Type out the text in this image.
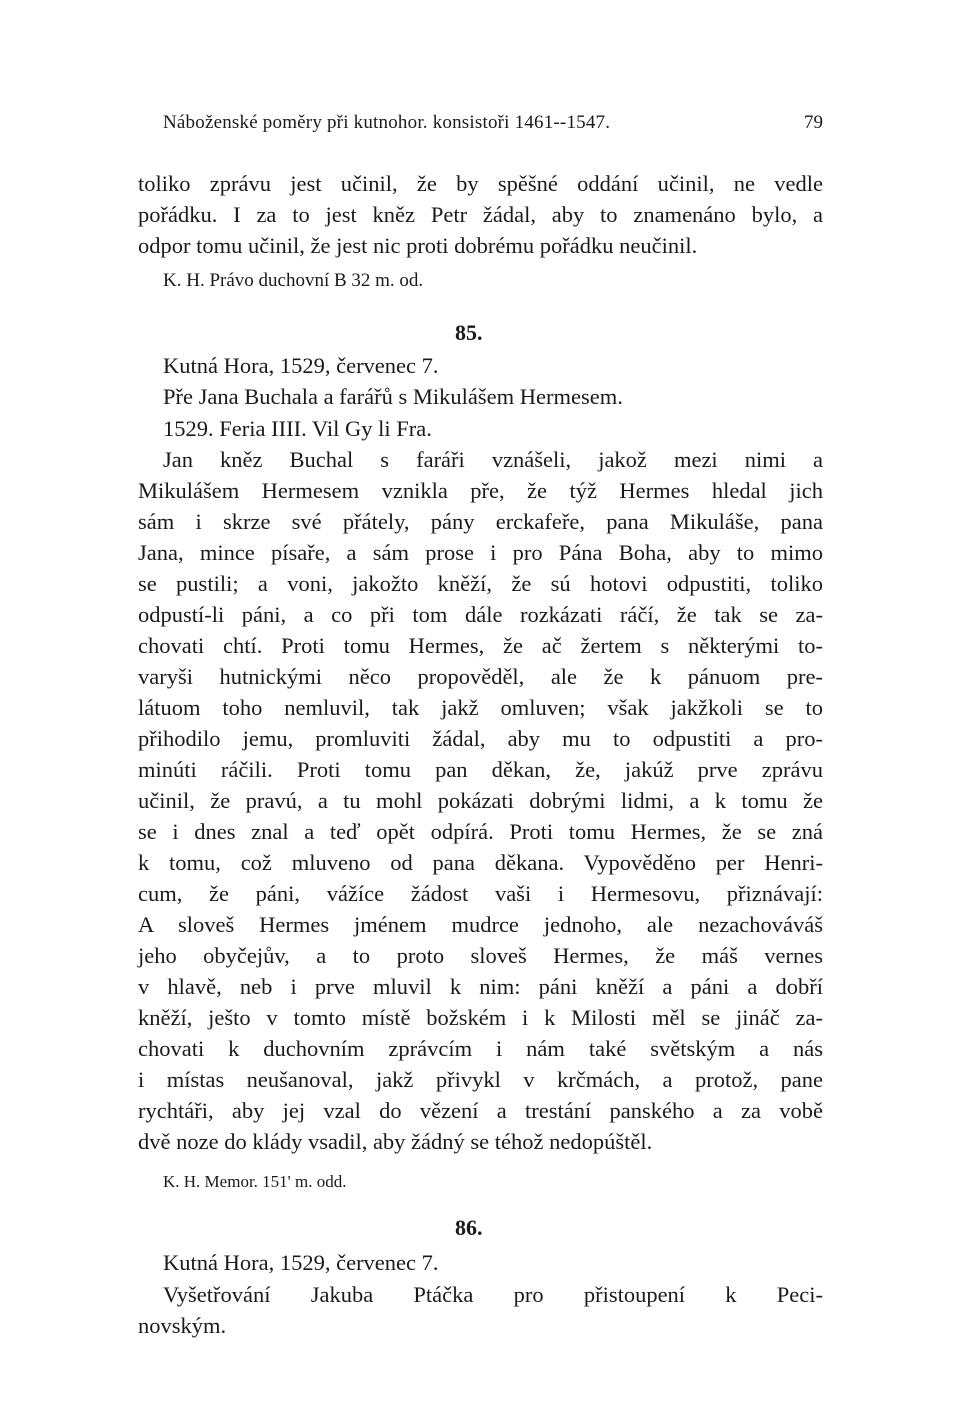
Náboženské poměry při kutnohor. konsistoři 1461--1547.	79
toliko zprávu jest učinil, že by spěšné oddání učinil, ne vedle
pořádku. I za to jest kněz Petr žádal, aby to znamenáno bylo, a
odpor tomu učinil, že jest nic proti dobrému pořádku neučinil.
K. H. Právo duchovní B 32 m. od.
85.
Kutná Hora, 1529, červenec 7.
Pře Jana Buchala a farářů s Mikulášem Hermesem.
1529. Feria IIII. Vil Gy li Fra.
Jan kněz Buchal s faráři vznášeli, jakož mezi nimi a
Mikulášem Hermesem vznikla pře, že týž Hermes hledal jich
sám i skrze své přátely, pány erckafeře, pana Mikuláše, pana
Jana, mince písaře, a sám prose i pro Pána Boha, aby to mimo
se pustili; a voni, jakožto kněží, že sú hotovi odpustiti, toliko
odpustí-li páni, a co při tom dále rozkázati ráčí, že tak se za-
chovati chtí. Proti tomu Hermes, že ač žertem s některými to-
varyši hutnickými něco propověděl, ale že k pánuom pre-
látuom toho nemluvil, tak jakž omluven; však jakžkoli se to
přihodilo jemu, promluviti žádal, aby mu to odpustiti a pro-
minúti ráčili. Proti tomu pan děkan, že, jakúž prve zprávu
učinil, že pravú, a tu mohl pokázati dobrými lidmi, a k tomu že
se i dnes znal a teď opět odpírá. Proti tomu Hermes, že se zná
k tomu, což mluveno od pana děkana. Vypověděno per Henri-
cum, že páni, vážíce žádost vaši i Hermesovu, přiznávají:
A sloveš Hermes jménem mudrce jednoho, ale nezachováváš
jeho obyčejův, a to proto sloveš Hermes, že máš vernes
v hlavě, neb i prve mluvil k nim: páni kněží a páni a dobří
kněží, ješto v tomto místě božském i k Milosti měl se jináč za-
chovati k duchovním zprávcím i nám také světským a nás
i místas neušanoval, jakž přivykl v krčmách, a protož, pane
rychtáři, aby jej vzal do vězení a trestání panského a za vobě
dvě noze do klády vsadil, aby žádný se téhož nedopúštěl.
K. H. Memor. 151' m. odd.
86.
Kutná Hora, 1529, červenec 7.
Vyšetřování Jakuba Ptáčka pro přistoupení k Peci-
novským.
